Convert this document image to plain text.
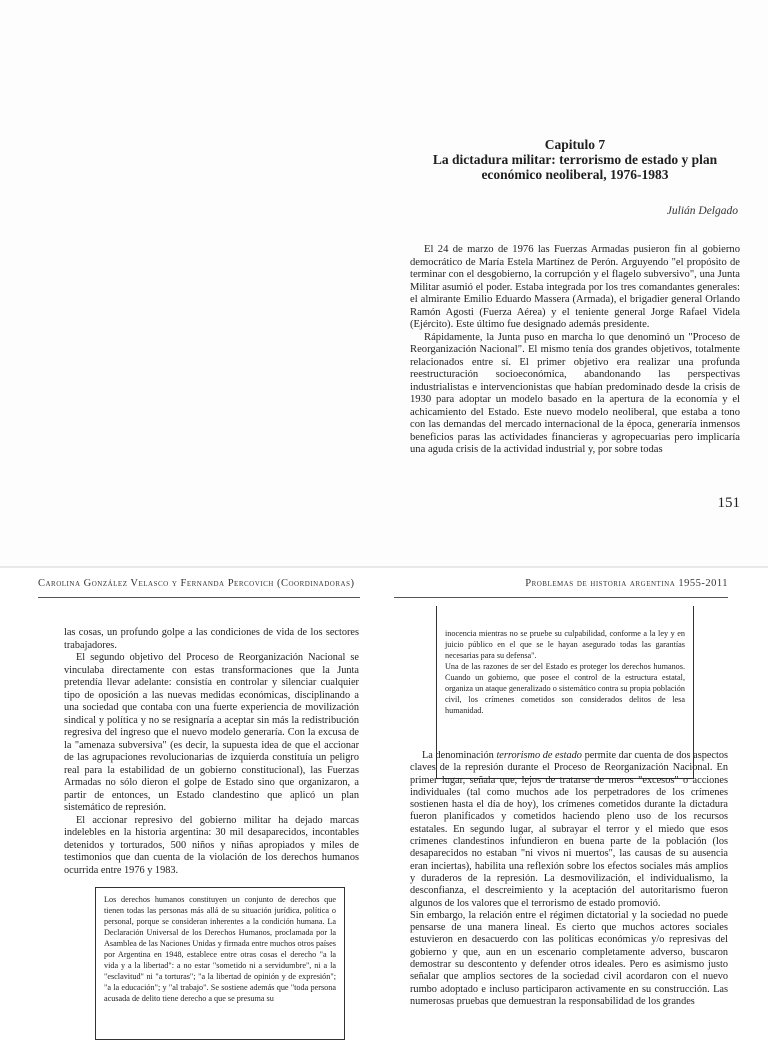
Capitulo 7
La dictadura militar: terrorismo de estado y plan
económico neoliberal, 1976-1983
Julián Delgado

El 24 de marzo de 1976 las Fuerzas Armadas pusieron fin al gobierno democrático de María Estela Martínez de Perón. Arguyendo "el propósito de terminar con el desgobierno, la corrupción y el flagelo subversivo", una Junta Militar asumió el poder. Estaba integrada por los tres comandantes generales: el almirante Emilio Eduardo Massera (Armada), el brigadier general Orlando Ramón Agosti (Fuerza Aérea) y el teniente general Jorge Rafael Videla (Ejército). Este último fue designado además presidente.

Rápidamente, la Junta puso en marcha lo que denominó un "Proceso de Reorganización Nacional". El mismo tenía dos grandes objetivos, totalmente relacionados entre sí. El primer objetivo era realizar una profunda reestructuración socioeconómica, abandonando las perspectivas industrialistas e intervencionistas que habían predominado desde la crisis de 1930 para adoptar un modelo basado en la apertura de la economía y el achicamiento del Estado. Este nuevo modelo neoliberal, que estaba a tono con las demandas del mercado internacional de la época, generaría inmensos beneficios paras las actividades financieras y agropecuarias pero implicaría una aguda crisis de la actividad industrial y, por sobre todas

151
Carolina González Velasco y Fernanda Percovich (Coordinadoras)	Problemas de historia argentina 1955-2011

las cosas, un profundo golpe a las condiciones de vida de los sectores trabajadores.

El segundo objetivo del Proceso de Reorganización Nacional se vinculaba directamente con estas transformaciones que la Junta pretendía llevar adelante: consistía en controlar y silenciar cualquier tipo de oposición a las nuevas medidas económicas, disciplinando a una sociedad que contaba con una fuerte experiencia de movilización sindical y política y no se resignaría a aceptar sin más la redistribución regresiva del ingreso que el nuevo modelo generaría. Con la excusa de la "amenaza subversiva" (es decir, la supuesta idea de que el accionar de las agrupaciones revolucionarias de izquierda constituía un peligro real para la estabilidad de un gobierno constitucional), las Fuerzas Armadas no sólo dieron el golpe de Estado sino que organizaron, a partir de entonces, un Estado clandestino que aplicó un plan sistemático de represión.

El accionar represivo del gobierno militar ha dejado marcas indelebles en la historia argentina: 30 mil desaparecidos, incontables detenidos y torturados, 500 niños y niñas apropiados y miles de testimonios que dan cuenta de la violación de los derechos humanos ocurrida entre 1976 y 1983.

Los derechos humanos constituyen un conjunto de derechos que tienen todas las personas más allá de su situación jurídica, política o personal, porque se consideran inherentes a la condición humana. La Declaración Universal de los Derechos Humanos, proclamada por la Asamblea de las Naciones Unidas y firmada entre muchos otros países por Argentina en 1948, establece entre otras cosas el derecho "a la vida y a la libertad": a no estar "sometido ni a servidumbre", ni a la "esclavitud" ni "a torturas"; "a la libertad de opinión y de expresión"; "a la educación"; y "al trabajo". Se sostiene además que "toda persona acusada de delito tiene derecho a que se presuma su

inocencia mientras no se pruebe su culpabilidad, conforme a la ley y en juicio público en el que se le hayan asegurado todas las garantías necesarias para su defensa".

Una de las razones de ser del Estado es proteger los derechos humanos. Cuando un gobierno, que posee el control de la estructura estatal, organiza un ataque generalizado o sistemático contra su propia población civil, los crímenes cometidos son considerados delitos de lesa humanidad.

La denominación terrorismo de estado permite dar cuenta de dos aspectos claves de la represión durante el Proceso de Reorganización Nacional. En primer lugar, señala que, lejos de tratarse de meros "excesos" o acciones individuales (tal como muchos ade los perpetradores de los crímenes sostienen hasta el día de hoy), los crímenes cometidos durante la dictadura fueron planificados y cometidos haciendo pleno uso de los recursos estatales. En segundo lugar, al subrayar el terror y el miedo que esos crímenes clandestinos infundieron en buena parte de la población (los desaparecidos no estaban "ni vivos ni muertos", las causas de su ausencia eran inciertas), habilita una reflexión sobre los efectos sociales más amplios y duraderos de la represión. La desmovilización, el individualismo, la desconfianza, el descreimiento y la aceptación del autoritarismo fueron algunos de los valores que el terrorismo de estado promovió.

Sin embargo, la relación entre el régimen dictatorial y la sociedad no puede pensarse de una manera lineal. Es cierto que muchos actores sociales estuvieron en desacuerdo con las políticas económicas y/o represivas del gobierno y que, aun en un escenario completamente adverso, buscaron demostrar su descontento y defender otros ideales. Pero es asimismo justo señalar que amplios sectores de la sociedad civil acordaron con el nuevo rumbo adoptado e incluso participaron activamente en su construcción. Las numerosas pruebas que demuestran la responsabilidad de los grandes
